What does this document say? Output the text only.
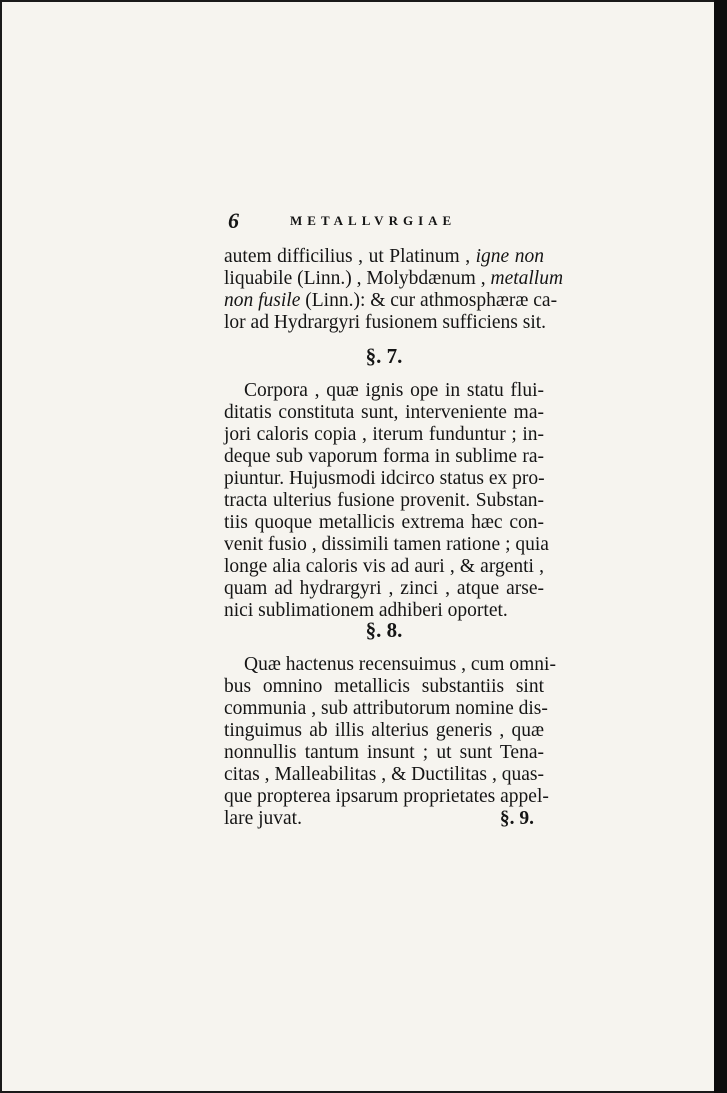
6	METALLVRGIAE
autem difficilius , ut Platinum , igne non
liquabile (Linn.) , Molybdænum , metallum
non fusile (Linn.): & cur athmosphæræ ca-
lor ad Hydrargyri fusionem sufficiens sit.
§. 7.
Corpora , quæ ignis ope in statu flui-
ditatis constituta sunt, interveniente ma-
jori caloris copia , iterum funduntur ; in-
deque sub vaporum forma in sublime ra-
piuntur. Hujusmodi idcirco status ex pro-
tracta ulterius fusione provenit. Substan-
tiis quoque metallicis extrema hæc con-
venit fusio , dissimili tamen ratione ; quia
longe alia caloris vis ad auri , & argenti ,
quam ad hydrargyri , zinci , atque arse-
nici sublimationem adhiberi oportet.
§. 8.
Quæ hactenus recensuimus , cum omni-
bus omnino metallicis substantiis sint
communia , sub attributorum nomine dis-
tinguimus ab illis alterius generis , quæ
nonnullis tantum insunt ; ut sunt Tena-
citas , Malleabilitas , & Ductilitas , quas-
que propterea ipsarum proprietates appel-
lare juvat.	§. 9.
